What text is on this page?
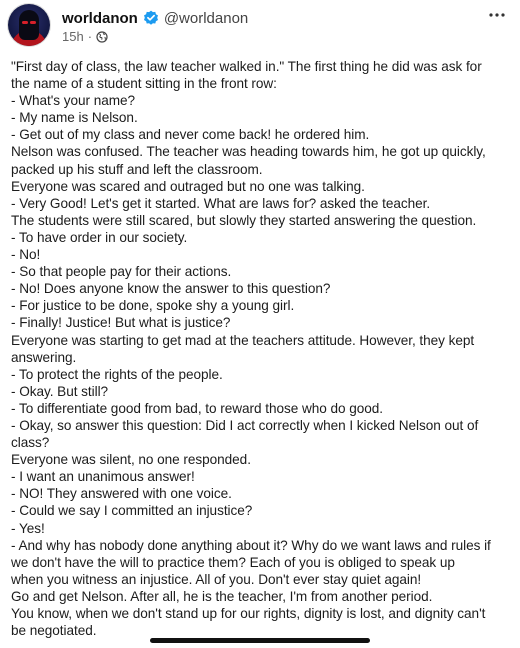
worldanon @worldanon
15h ·
"First day of class, the law teacher walked in." The first thing he did was ask for
the name of a student sitting in the front row:
- What's your name?
- My name is Nelson.
- Get out of my class and never come back! he ordered him.
Nelson was confused. The teacher was heading towards him, he got up quickly,
packed up his stuff and left the classroom.
Everyone was scared and outraged but no one was talking.
- Very Good! Let's get it started. What are laws for? asked the teacher.
The students were still scared, but slowly they started answering the question.
- To have order in our society.
- No!
- So that people pay for their actions.
- No! Does anyone know the answer to this question?
- For justice to be done, spoke shy a young girl.
- Finally! Justice! But what is justice?
Everyone was starting to get mad at the teachers attitude. However, they kept
answering.
- To protect the rights of the people.
- Okay. But still?
- To differentiate good from bad, to reward those who do good.
- Okay, so answer this question: Did I act correctly when I kicked Nelson out of
class?
Everyone was silent, no one responded.
- I want an unanimous answer!
- NO! They answered with one voice.
- Could we say I committed an injustice?
- Yes!
- And why has nobody done anything about it? Why do we want laws and rules if
we don't have the will to practice them? Each of you is obliged to speak up
when you witness an injustice. All of you. Don't ever stay quiet again!
Go and get Nelson. After all, he is the teacher, I'm from another period.
You know, when we don't stand up for our rights, dignity is lost, and dignity can't
be negotiated.
